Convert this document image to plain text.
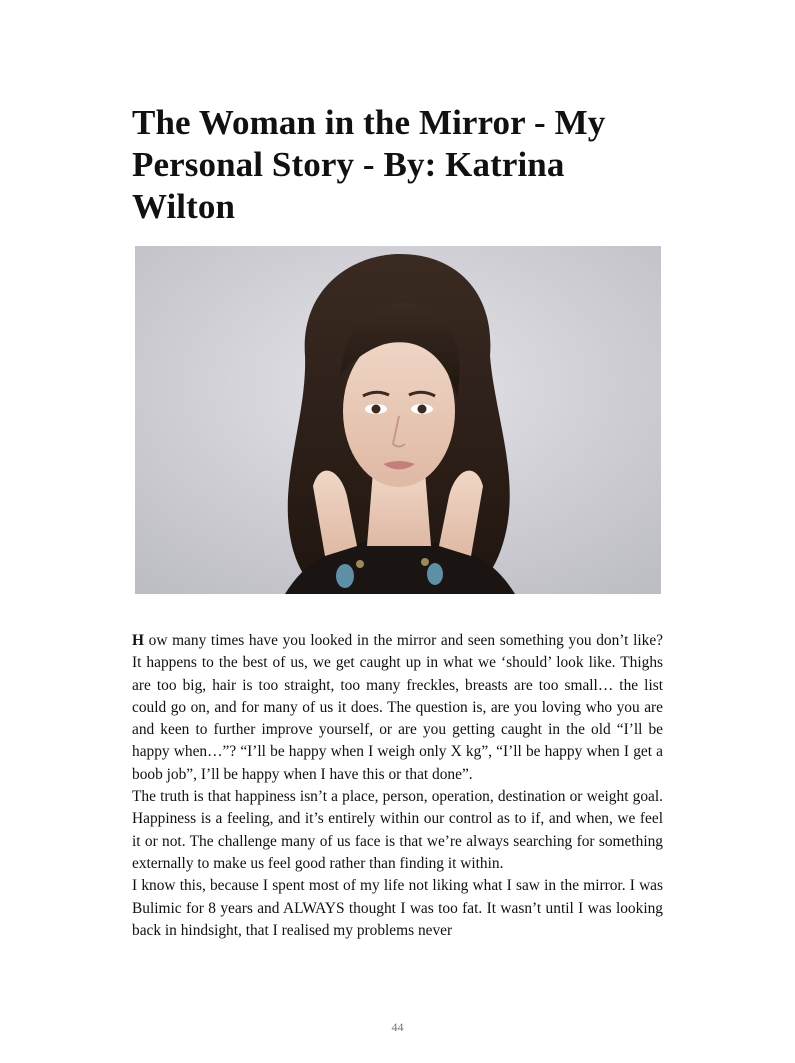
The Woman in the Mirror - My Personal Story - By: Katrina Wilton

H ow many times have you looked in the mirror and seen something you don’t like? It happens to the best of us, we get caught up in what we ‘should’ look like. Thighs are too big, hair is too straight, too many freckles, breasts are too small… the list could go on, and for many of us it does. The question is, are you loving who you are and keen to further improve yourself, or are you getting caught in the old “I’ll be happy when…”? “I’ll be happy when I weigh only X kg”, “I’ll be happy when I get a boob job”, I’ll be happy when I have this or that done”.

The truth is that happiness isn’t a place, person, operation, destination or weight goal. Happiness is a feeling, and it’s entirely within our control as to if, and when, we feel it or not. The challenge many of us face is that we’re always searching for something externally to make us feel good rather than finding it within.

I know this, because I spent most of my life not liking what I saw in the mirror. I was Bulimic for 8 years and ALWAYS thought I was too fat. It wasn’t until I was looking back in hindsight, that I realised my problems never

44
